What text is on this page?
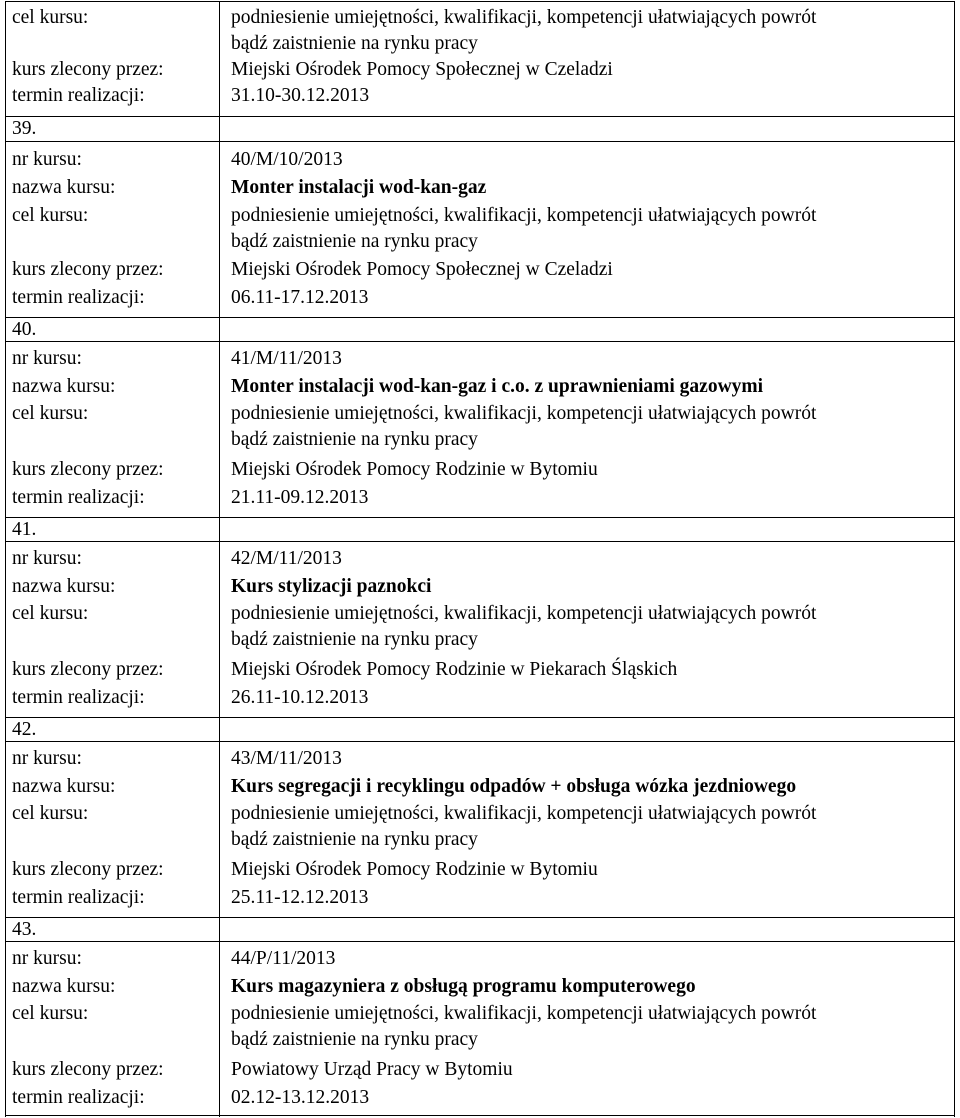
cel kursu:	podniesienie umiejętności, kwalifikacji, kompetencji ułatwiających powrót
bądź zaistnienie na rynku pracy
kurs zlecony przez:	Miejski Ośrodek Pomocy Społecznej w Czeladzi
termin realizacji:	31.10-30.12.2013
39.
nr kursu:	40/M/10/2013
nazwa kursu:	Monter instalacji wod-kan-gaz
cel kursu:	podniesienie umiejętności, kwalifikacji, kompetencji ułatwiających powrót
bądź zaistnienie na rynku pracy
kurs zlecony przez:	Miejski Ośrodek Pomocy Społecznej w Czeladzi
termin realizacji:	06.11-17.12.2013
40.
nr kursu:	41/M/11/2013
nazwa kursu:	Monter instalacji wod-kan-gaz i c.o. z uprawnieniami gazowymi
cel kursu:	podniesienie umiejętności, kwalifikacji, kompetencji ułatwiających powrót
bądź zaistnienie na rynku pracy
kurs zlecony przez:	Miejski Ośrodek Pomocy Rodzinie w Bytomiu
termin realizacji:	21.11-09.12.2013
41.
nr kursu:	42/M/11/2013
nazwa kursu:	Kurs stylizacji paznokci
cel kursu:	podniesienie umiejętności, kwalifikacji, kompetencji ułatwiających powrót
bądź zaistnienie na rynku pracy
kurs zlecony przez:	Miejski Ośrodek Pomocy Rodzinie w Piekarach Śląskich
termin realizacji:	26.11-10.12.2013
42.
nr kursu:	43/M/11/2013
nazwa kursu:	Kurs segregacji i recyklingu odpadów + obsługa wózka jezdniowego
cel kursu:	podniesienie umiejętności, kwalifikacji, kompetencji ułatwiających powrót
bądź zaistnienie na rynku pracy
kurs zlecony przez:	Miejski Ośrodek Pomocy Rodzinie w Bytomiu
termin realizacji:	25.11-12.12.2013
43.
nr kursu:	44/P/11/2013
nazwa kursu:	Kurs magazyniera z obsługą programu komputerowego
cel kursu:	podniesienie umiejętności, kwalifikacji, kompetencji ułatwiających powrót
bądź zaistnienie na rynku pracy
kurs zlecony przez:	Powiatowy Urząd Pracy w Bytomiu
termin realizacji:	02.12-13.12.2013
